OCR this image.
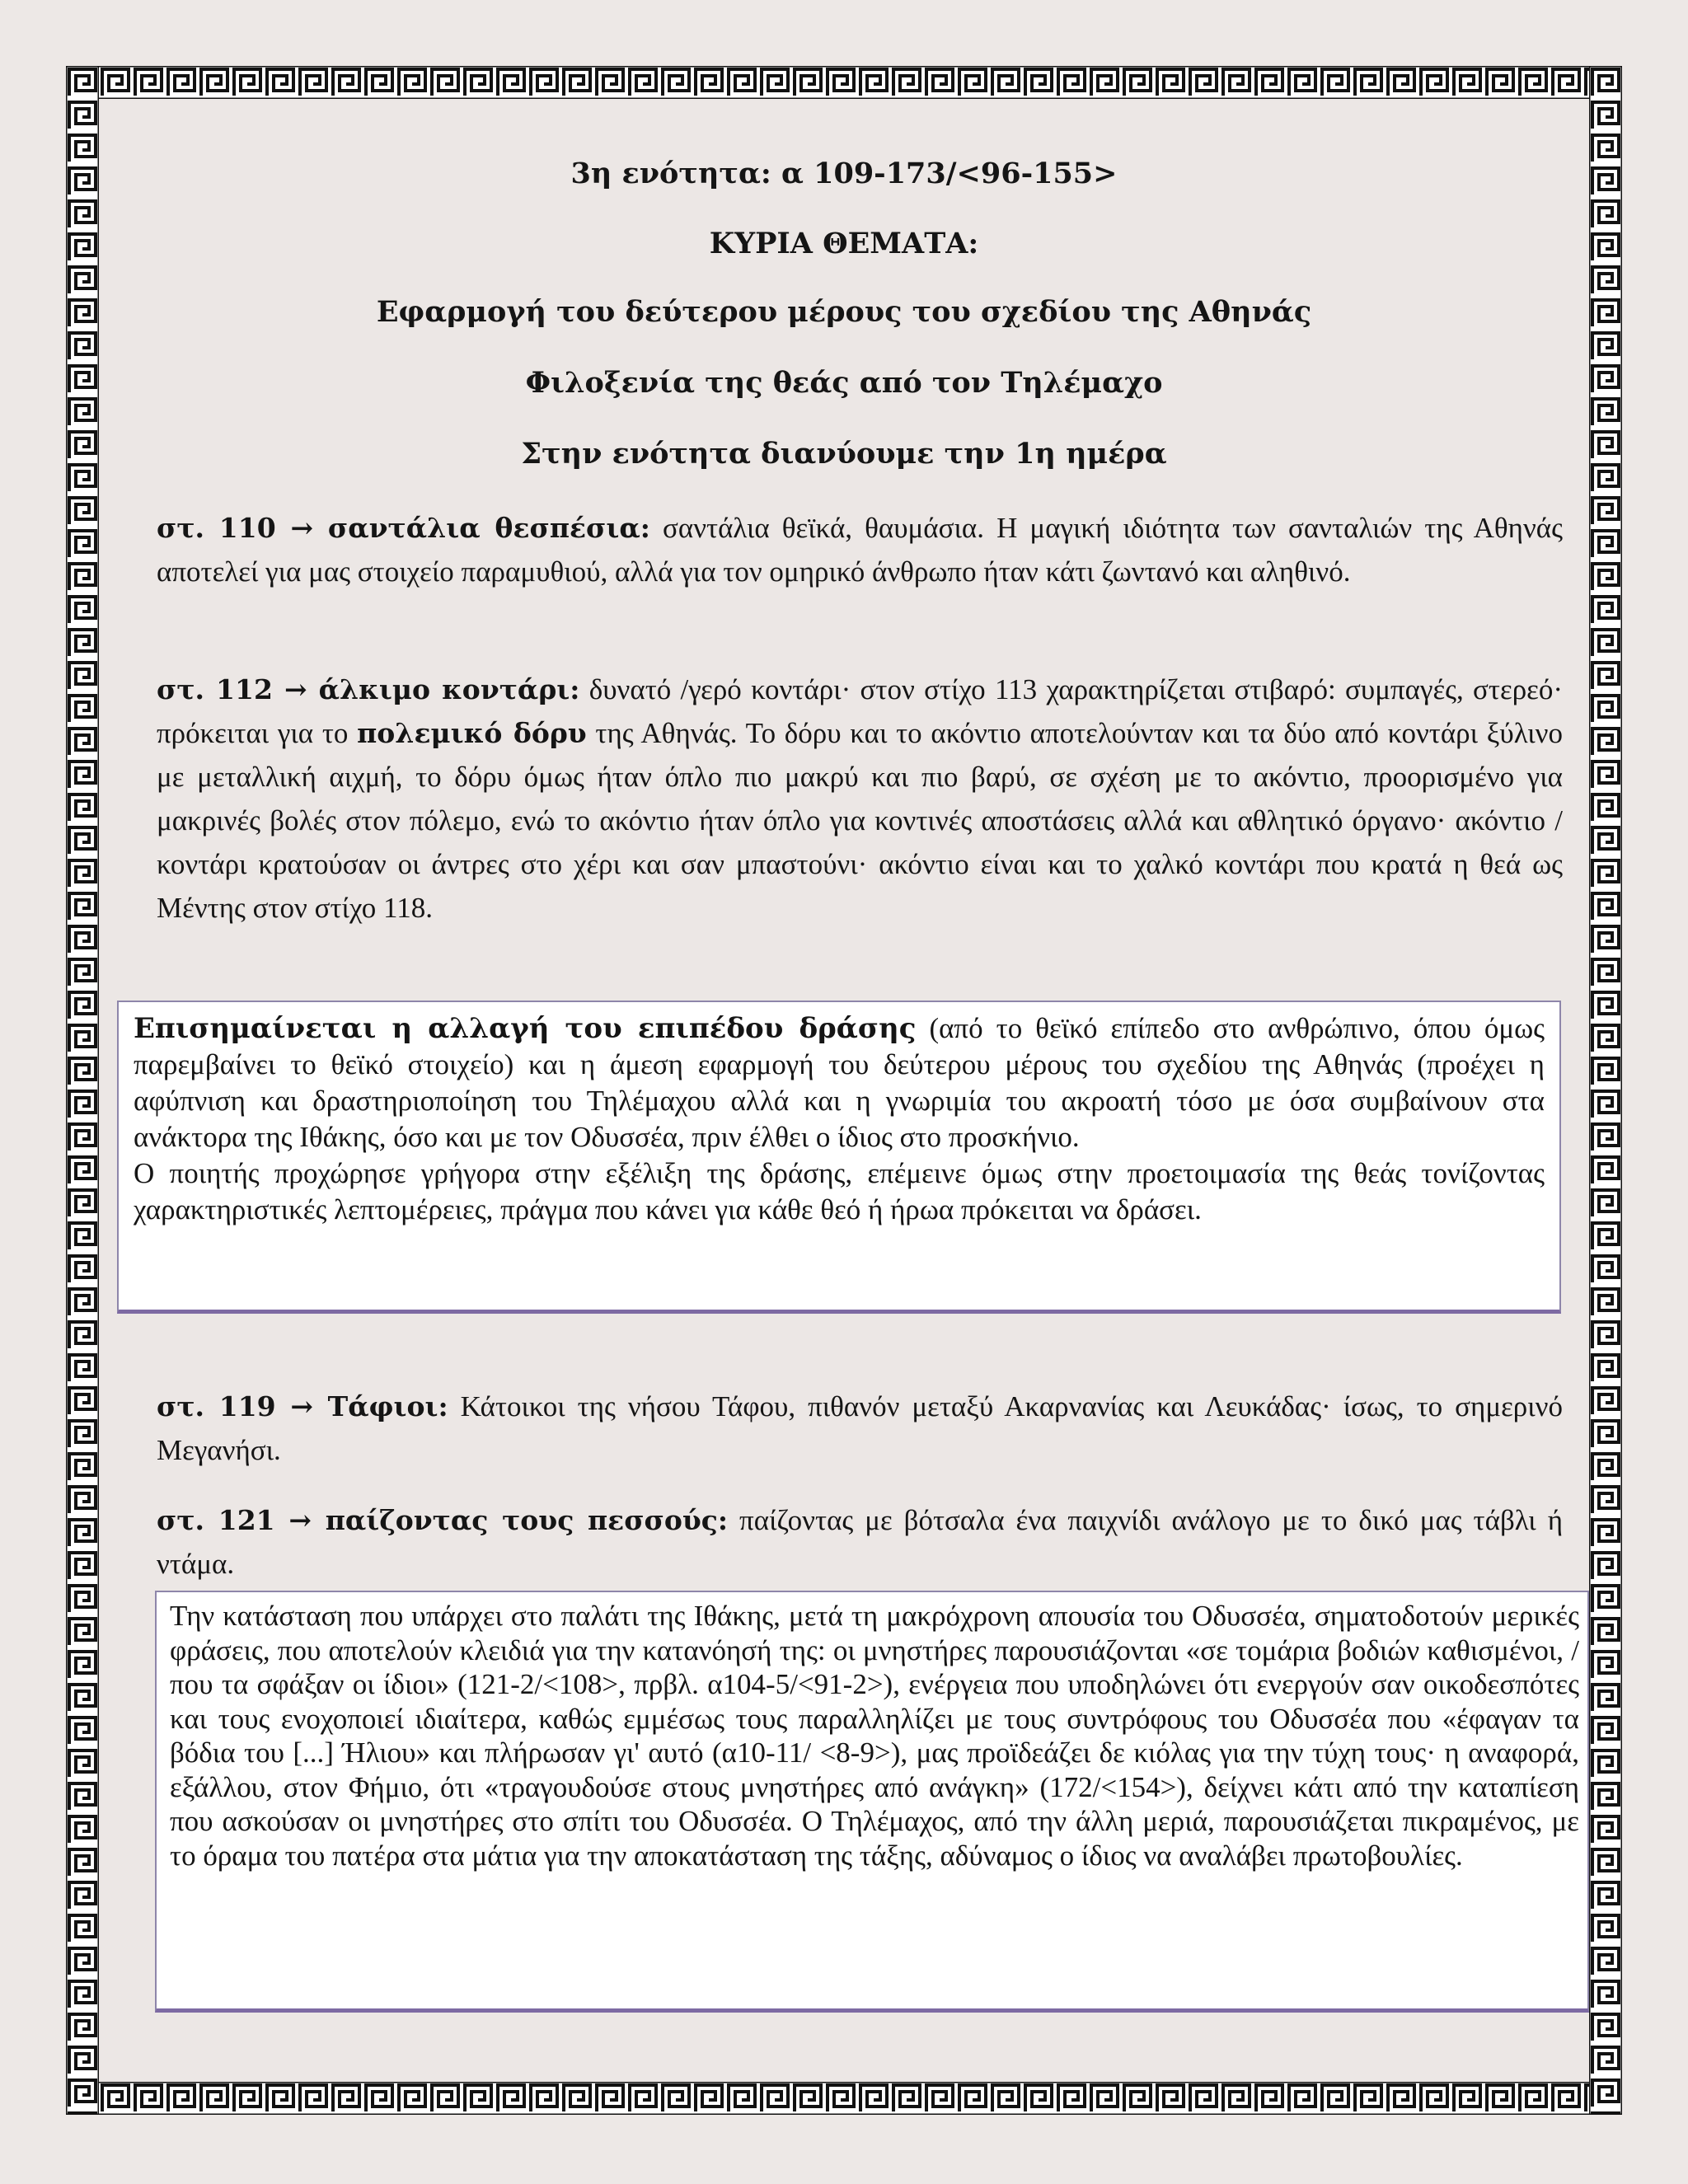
3η ενότητα: α 109-173/<96-155>
ΚΥΡΙΑ ΘΕΜΑΤΑ:
Εφαρμογή του δεύτερου μέρους του σχεδίου της Αθηνάς
Φιλοξενία της θεάς από τον Τηλέμαχο
Στην ενότητα διανύουμε την 1η ημέρα
στ. 110 → σαντάλια θεσπέσια: σαντάλια θεϊκά, θαυμάσια. Η μαγική ιδιότητα των σανταλιών της Αθηνάς αποτελεί για μας στοιχείο παραμυθιού, αλλά για τον ομηρικό άνθρωπο ήταν κάτι ζωντανό και αληθινό.
στ. 112 → άλκιμο κοντάρι: δυνατό /γερό κοντάρι· στον στίχο 113 χαρακτηρίζεται στιβαρό: συμπαγές, στερεό· πρόκειται για το πολεμικό δόρυ της Αθηνάς. Το δόρυ και το ακόντιο αποτελούνταν και τα δύο από κοντάρι ξύλινο με μεταλλική αιχμή, το δόρυ όμως ήταν όπλο πιο μακρύ και πιο βαρύ, σε σχέση με το ακόντιο, προορισμένο για μακρινές βολές στον πόλεμο, ενώ το ακόντιο ήταν όπλο για κοντινές αποστάσεις αλλά και αθλητικό όργανο· ακόντιο /κοντάρι κρατούσαν οι άντρες στο χέρι και σαν μπαστούνι· ακόντιο είναι και το χαλκό κοντάρι που κρατά η θεά ως Μέντης στον στίχο 118.

Επισημαίνεται η αλλαγή του επιπέδου δράσης (από το θεϊκό επίπεδο στο ανθρώπινο, όπου όμως παρεμβαίνει το θεϊκό στοιχείο) και η άμεση εφαρμογή του δεύτερου μέρους του σχεδίου της Αθηνάς (προέχει η αφύπνιση και δραστηριοποίηση του Τηλέμαχου αλλά και η γνωριμία του ακροατή τόσο με όσα συμβαίνουν στα ανάκτορα της Ιθάκης, όσο και με τον Οδυσσέα, πριν έλθει ο ίδιος στο προσκήνιο.

Ο ποιητής προχώρησε γρήγορα στην εξέλιξη της δράσης, επέμεινε όμως στην προετοιμασία της θεάς τονίζοντας χαρακτηριστικές λεπτομέρειες, πράγμα που κάνει για κάθε θεό ή ήρωα πρόκειται να δράσει.

στ. 119 → Τάφιοι: Κάτοικοι της νήσου Τάφου, πιθανόν μεταξύ Ακαρνανίας και Λευκάδας· ίσως, το σημερινό Μεγανήσι.
στ. 121 → παίζοντας τους πεσσούς: παίζοντας με βότσαλα ένα παιχνίδι ανάλογο με το δικό μας τάβλι ή ντάμα.

Την κατάσταση που υπάρχει στο παλάτι της Ιθάκης, μετά τη μακρόχρονη απουσία του Οδυσσέα, σηματοδοτούν μερικές φράσεις, που αποτελούν κλειδιά για την κατανόησή της: οι μνηστήρες παρουσιάζονται «σε τομάρια βοδιών καθισμένοι, / που τα σφάξαν οι ίδιοι» (121-2/<108>, πρβλ. α104-5/<91-2>), ενέργεια που υποδηλώνει ότι ενεργούν σαν οικοδεσπότες και τους ενοχοποιεί ιδιαίτερα, καθώς εμμέσως τους παραλληλίζει με τους συντρόφους του Οδυσσέα που «έφαγαν τα βόδια του [...] Ήλιου» και πλήρωσαν γι' αυτό (α10-11/ <8-9>), μας προϊδεάζει δε κιόλας για την τύχη τους· η αναφορά, εξάλλου, στον Φήμιο, ότι «τραγουδούσε στους μνηστήρες από ανάγκη» (172/<154>), δείχνει κάτι από την καταπίεση που ασκούσαν οι μνηστήρες στο σπίτι του Οδυσσέα. Ο Τηλέμαχος, από την άλλη μεριά, παρουσιάζεται πικραμένος, με το όραμα του πατέρα στα μάτια για την αποκατάσταση της τάξης, αδύναμος ο ίδιος να αναλάβει πρωτοβουλίες.
